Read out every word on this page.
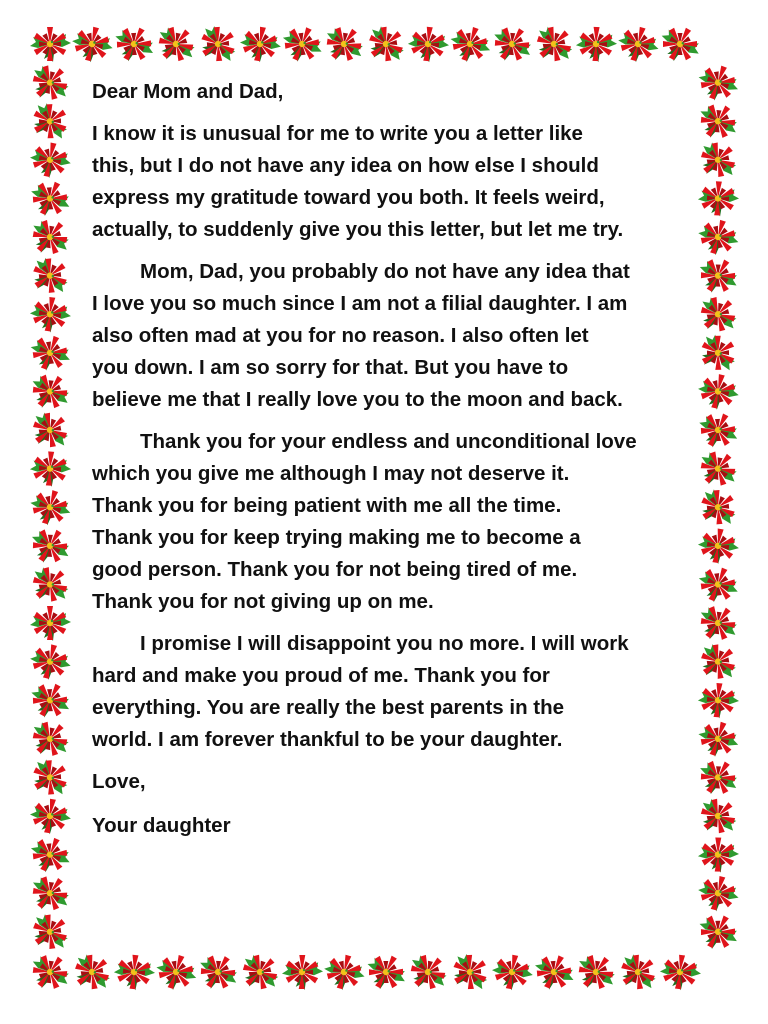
Dear Mom and Dad,

I know it is unusual for me to write you a letter like
this, but I do not have any idea on how else I should
express my gratitude toward you both. It feels weird,
actually, to suddenly give you this letter, but let me try.

Mom, Dad, you probably do not have any idea that
I love you so much since I am not a filial daughter. I am
also often mad at you for no reason. I also often let
you down. I am so sorry for that. But you have to
believe me that I really love you to the moon and back.

Thank you for your endless and unconditional love
which you give me although I may not deserve it.
Thank you for being patient with me all the time.
Thank you for keep trying making me to become a
good person. Thank you for not being tired of me.
Thank you for not giving up on me.

I promise I will disappoint you no more. I will work
hard and make you proud of me. Thank you for
everything. You are really the best parents in the
world. I am forever thankful to be your daughter.

Love,

Your daughter
